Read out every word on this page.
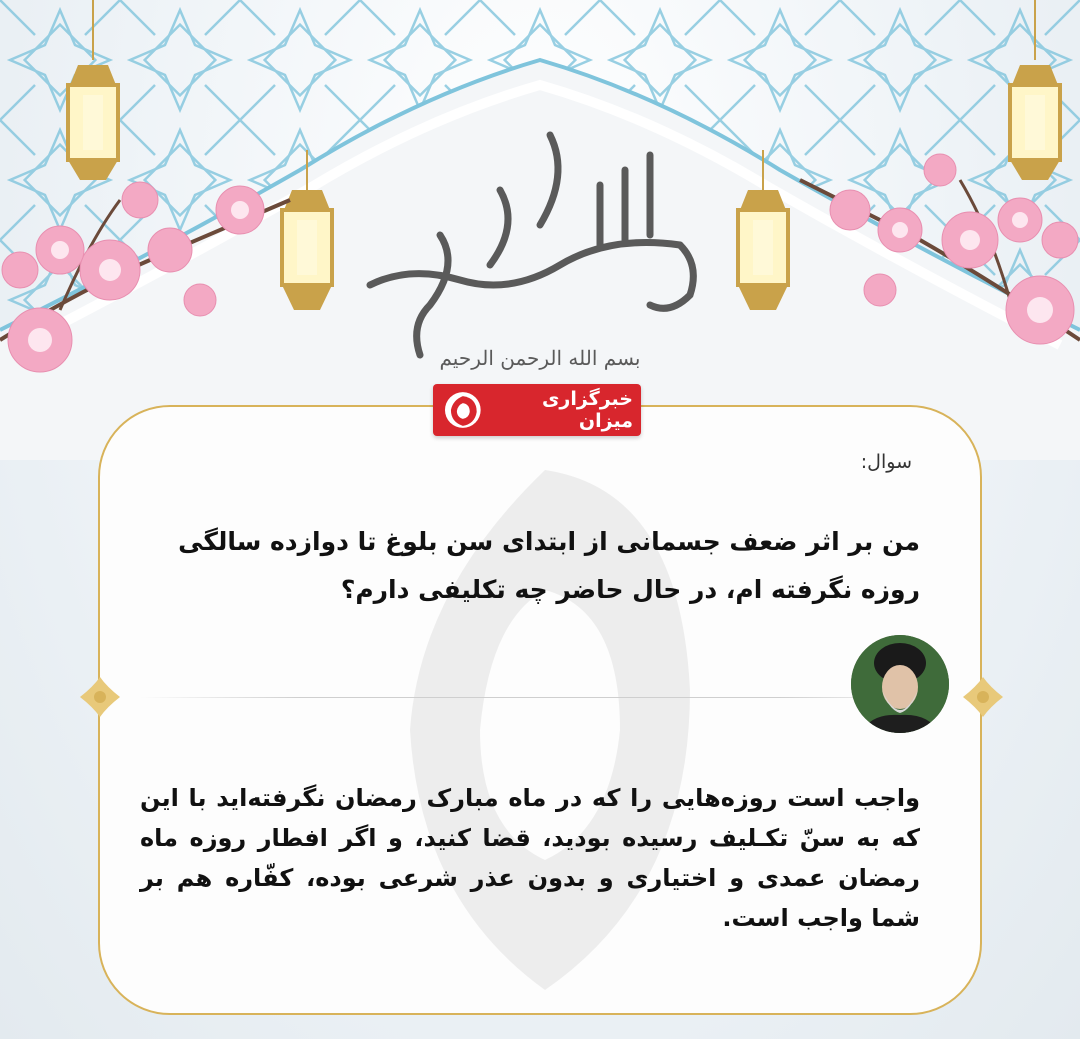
بسم الله الرحمن الرحیم
خبرگزاری میزان
سوال:
من بر اثر ضعف جسمانی از ابتدای سن بلوغ تا دوازده سالگی روزه نگرفته ام، در حال حاضر چه تکلیفی دارم؟
واجب است روزه‌هایی را که در ماه مبارک رمضان نگرفته‌اید با این که به سنّ تکـلیف رسیده بودید، قضا کنید، و اگر افطار روزه ماه رمضان عمدی و اختیاری و بدون عذر شرعی بوده، کفّاره هم بر شما واجب است.
